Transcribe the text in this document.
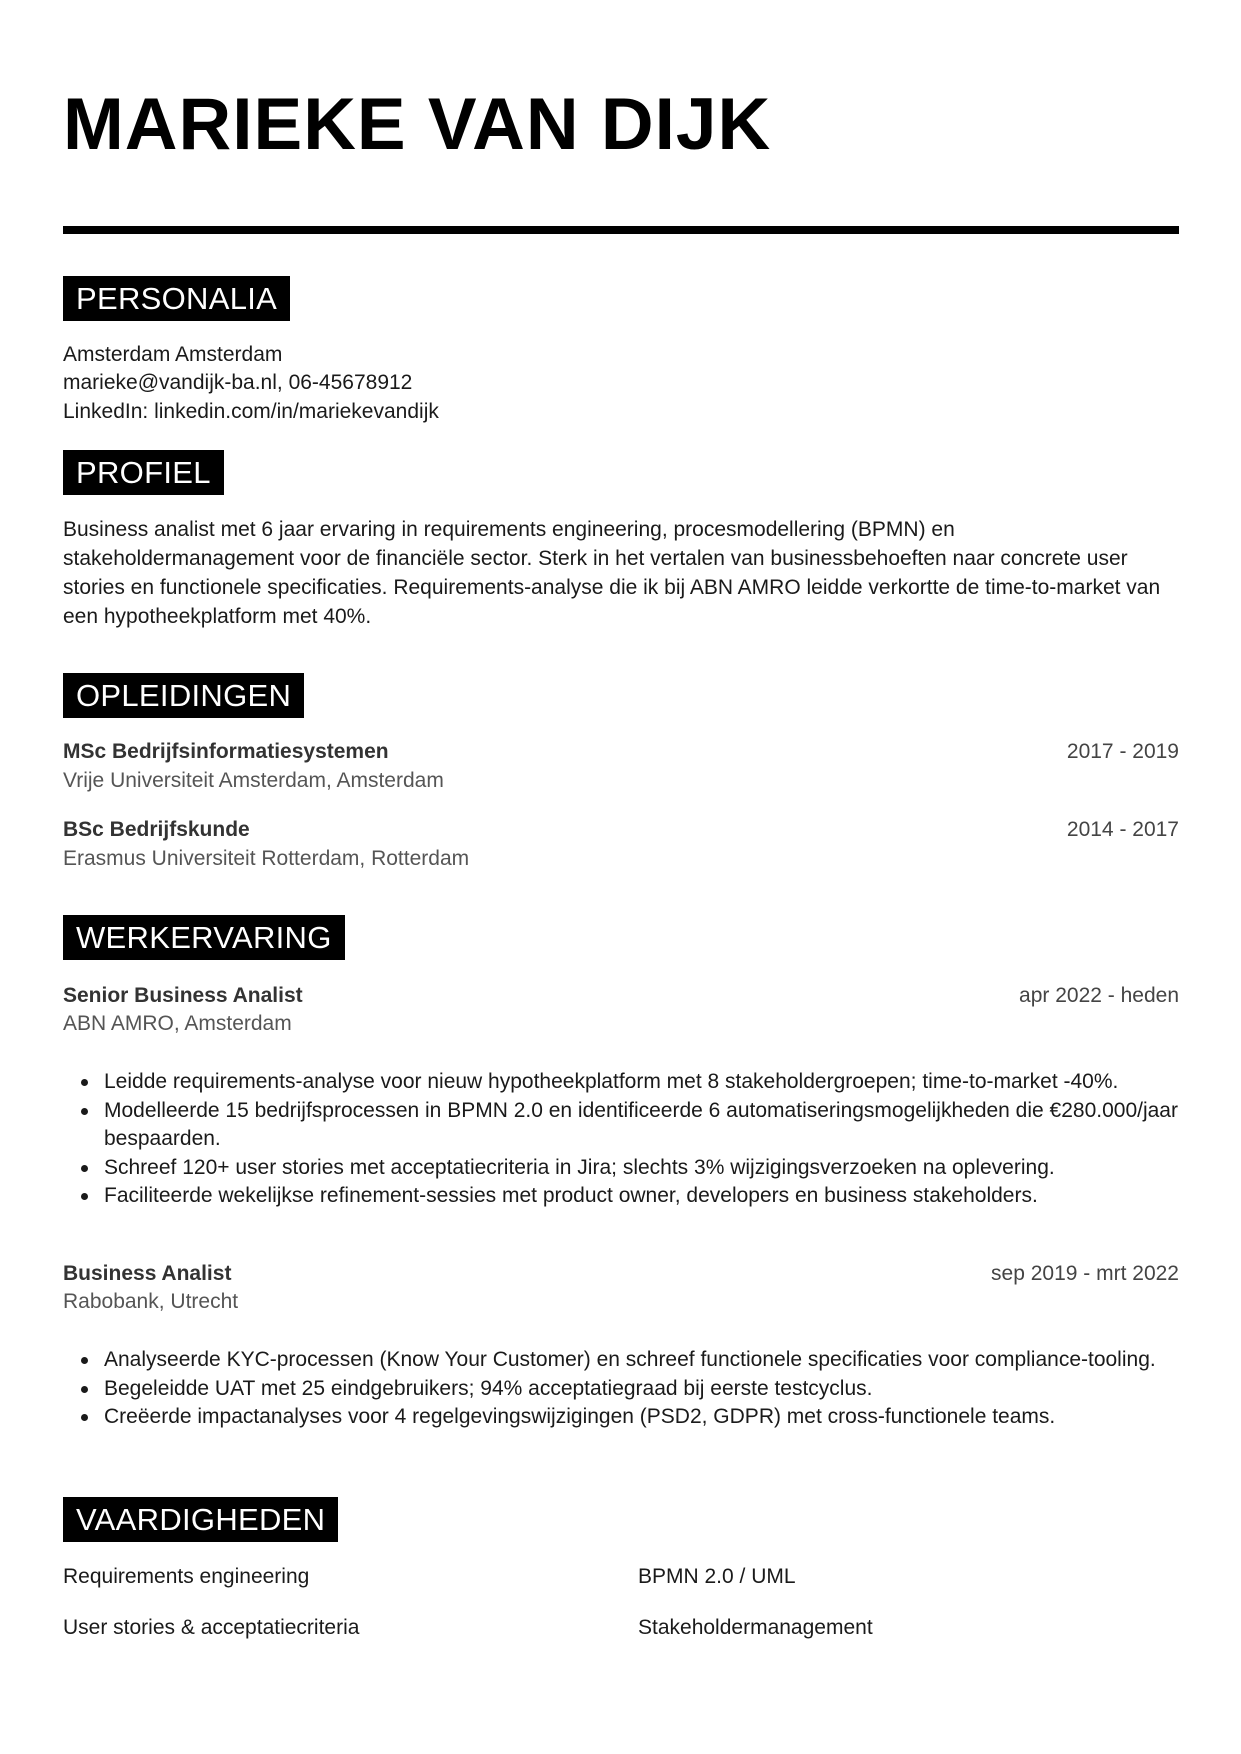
MARIEKE VAN DIJK
PERSONALIA
Amsterdam Amsterdam
marieke@vandijk-ba.nl, 06-45678912
LinkedIn: linkedin.com/in/mariekevandijk
PROFIEL
Business analist met 6 jaar ervaring in requirements engineering, procesmodellering (BPMN) en stakeholdermanagement voor de financiële sector. Sterk in het vertalen van businessbehoeften naar concrete user stories en functionele specificaties. Requirements-analyse die ik bij ABN AMRO leidde verkortte de time-to-market van een hypotheekplatform met 40%.
OPLEIDINGEN
MSc Bedrijfsinformatiesystemen	2017 - 2019
Vrije Universiteit Amsterdam, Amsterdam
BSc Bedrijfskunde	2014 - 2017
Erasmus Universiteit Rotterdam, Rotterdam
WERKERVARING
Senior Business Analist	apr 2022 - heden
ABN AMRO, Amsterdam
Leidde requirements-analyse voor nieuw hypotheekplatform met 8 stakeholdergroepen; time-to-market -40%.
Modelleerde 15 bedrijfsprocessen in BPMN 2.0 en identificeerde 6 automatiseringsmogelijkheden die €280.000/jaar bespaarden.
Schreef 120+ user stories met acceptatiecriteria in Jira; slechts 3% wijzigingsverzoeken na oplevering.
Faciliteerde wekelijkse refinement-sessies met product owner, developers en business stakeholders.
Business Analist	sep 2019 - mrt 2022
Rabobank, Utrecht
Analyseerde KYC-processen (Know Your Customer) en schreef functionele specificaties voor compliance-tooling.
Begeleidde UAT met 25 eindgebruikers; 94% acceptatiegraad bij eerste testcyclus.
Creëerde impactanalyses voor 4 regelgevingswijzigingen (PSD2, GDPR) met cross-functionele teams.
VAARDIGHEDEN
Requirements engineering	BPMN 2.0 / UML
User stories & acceptatiecriteria	Stakeholdermanagement
